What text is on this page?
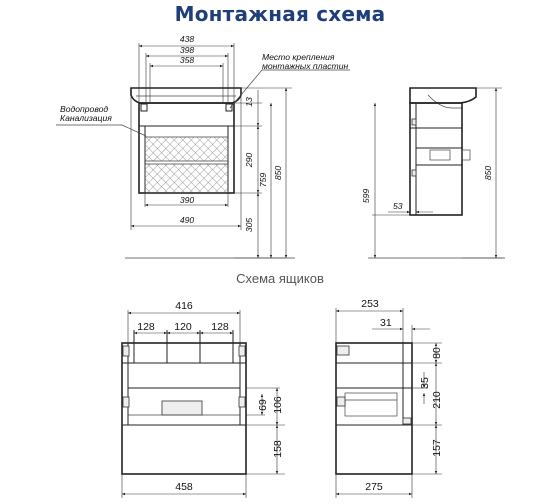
Монтажная схема
Схема ящиков
438
398
358
390
490
13
290
305
759 850
Место крепления
монтажных пластин
Водопровод
Канализация
599
53
850
416
128 120 128
69 106
158
458
253
31
80
35
210
157
275
